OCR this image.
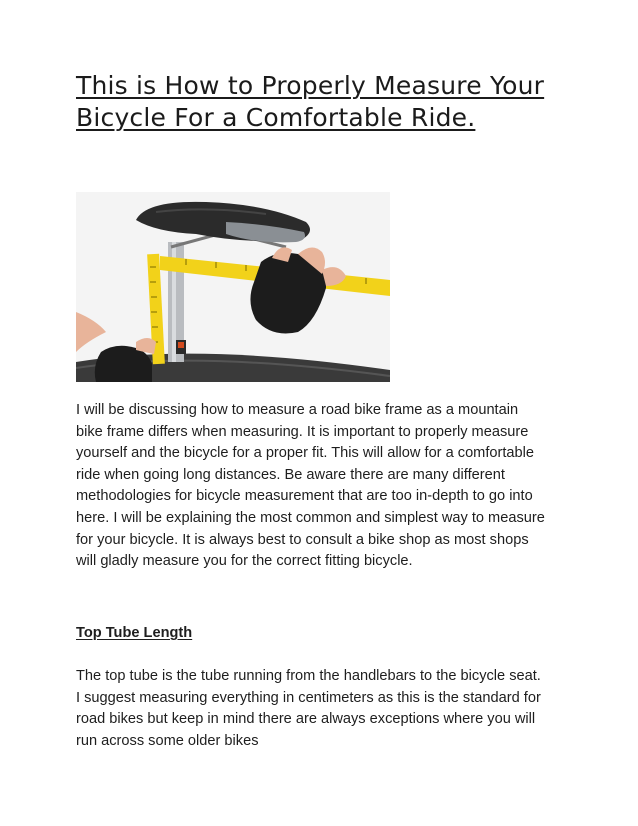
This is How to Properly Measure Your Bicycle For a Comfortable Ride.

I will be discussing how to measure a road bike frame as a mountain bike frame differs when measuring. It is important to properly measure yourself and the bicycle for a proper fit. This will allow for a comfortable ride when going long distances. Be aware there are many different methodologies for bicycle measurement that are too in-depth to go into here. I will be explaining the most common and simplest way to measure for your bicycle. It is always best to consult a bike shop as most shops will gladly measure you for the correct fitting bicycle.

Top Tube Length

The top tube is the tube running from the handlebars to the bicycle seat. I suggest measuring everything in centimeters as this is the standard for road bikes but keep in mind there are always exceptions where you will run across some older bikes
